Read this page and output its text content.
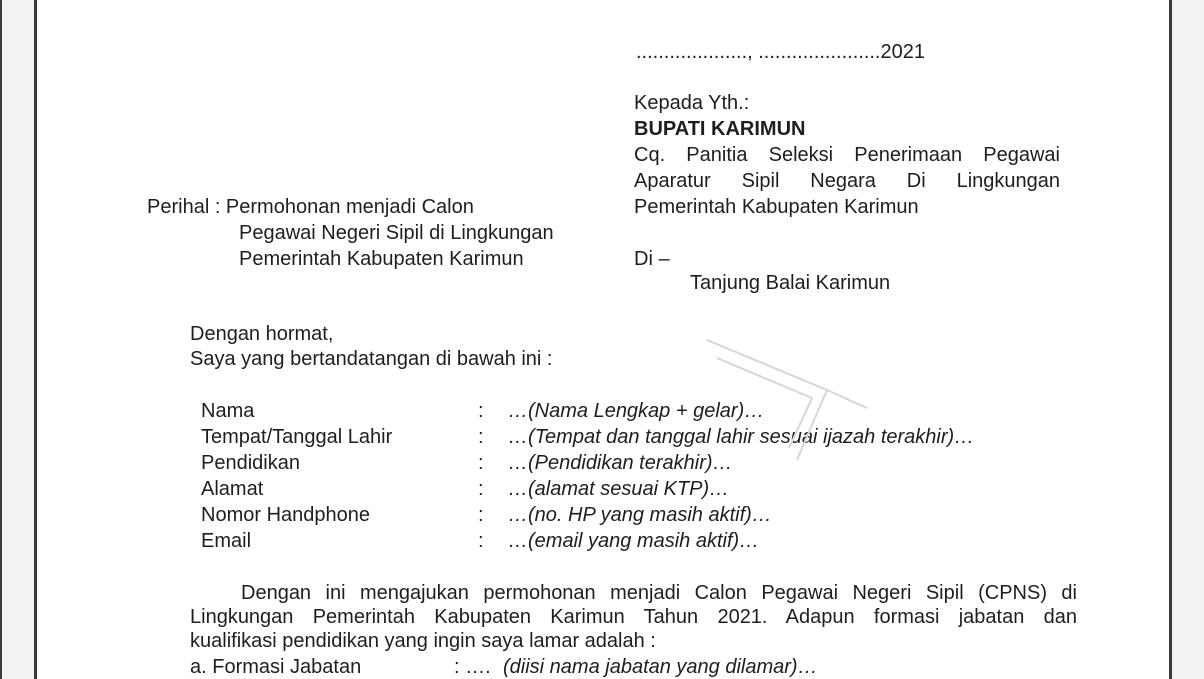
...................., ......................2021
Kepada Yth.:
BUPATI KARIMUN
Cq. Panitia Seleksi Penerimaan Pegawai
Aparatur Sipil Negara Di Lingkungan
Pemerintah Kabupaten Karimun
Di –
Tanjung Balai Karimun
Perihal : Permohonan menjadi Calon
Pegawai Negeri Sipil di Lingkungan
Pemerintah Kabupaten Karimun
Dengan hormat,
Saya yang bertandatangan di bawah ini :
Nama	: …(Nama Lengkap + gelar)…
Tempat/Tanggal Lahir	: …(Tempat dan tanggal lahir sesuai ijazah terakhir)…
Pendidikan	: …(Pendidikan terakhir)…
Alamat	: …(alamat sesuai KTP)…
Nomor Handphone	: …(no. HP yang masih aktif)…
Email	: …(email yang masih aktif)…
Dengan ini mengajukan permohonan menjadi Calon Pegawai Negeri Sipil (CPNS) di
Lingkungan Pemerintah Kabupaten Karimun Tahun 2021. Adapun formasi jabatan dan
kualifikasi pendidikan yang ingin saya lamar adalah :
a. Formasi Jabatan	: …. (diisi nama jabatan yang dilamar)…
